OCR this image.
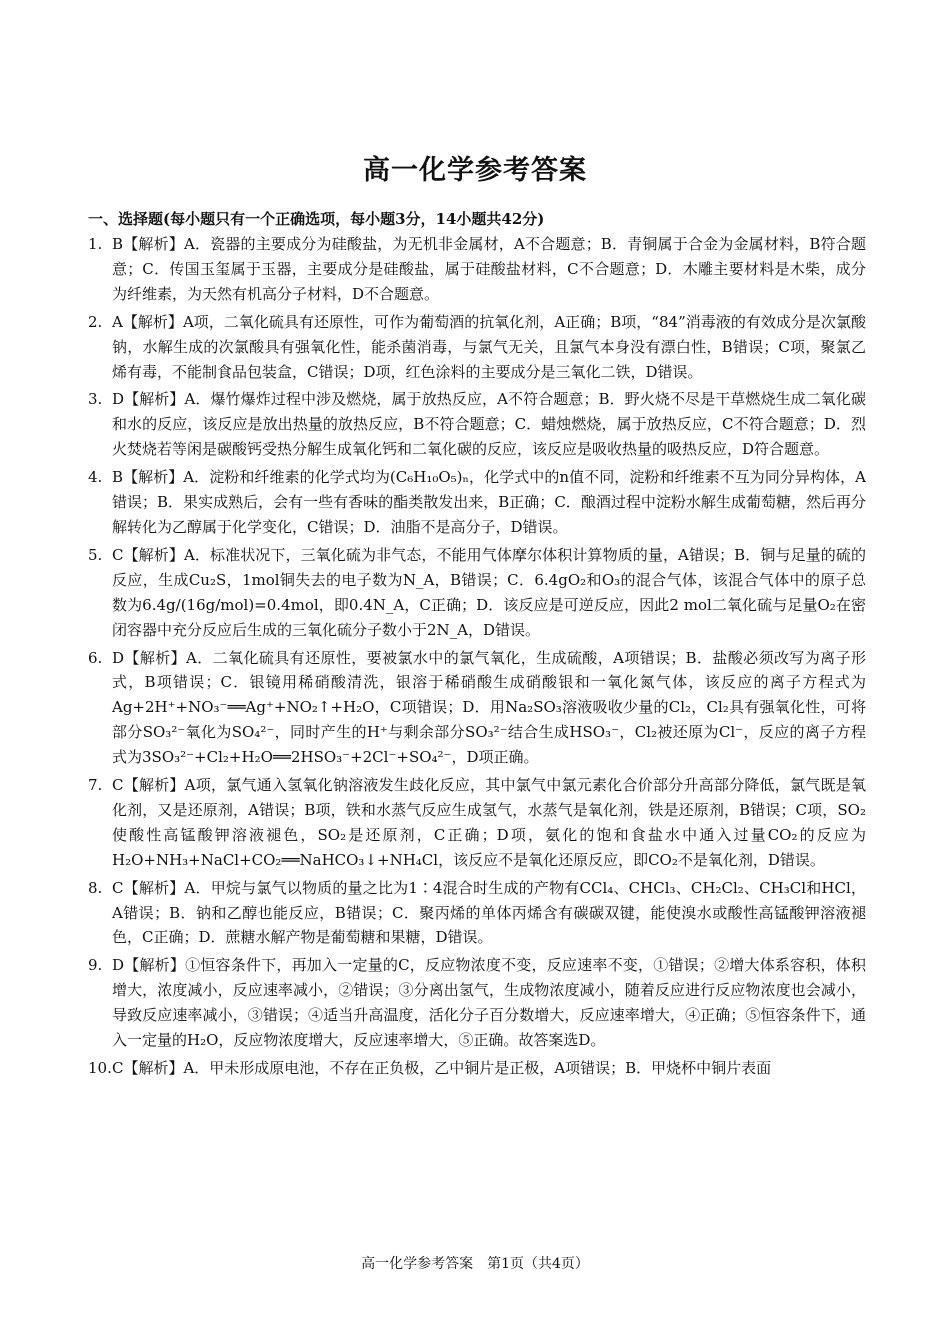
高一化学参考答案
一、选择题(每小题只有一个正确选项，每小题3分，14小题共42分)
1. B【解析】A．瓷器的主要成分为硅酸盐，为无机非金属材，A不合题意；B．青铜属于合金为金属材料，B符合题意；C．传国玉玺属于玉器，主要成分是硅酸盐，属于硅酸盐材料，C不合题意；D．木雕主要材料是木柴，成分为纤维素，为天然有机高分子材料，D不合题意。
2. A【解析】A项，二氧化硫具有还原性，可作为葡萄酒的抗氧化剂，A正确；B项，“84”消毒液的有效成分是次氯酸钠，水解生成的次氯酸具有强氧化性，能杀菌消毒，与氯气无关，且氯气本身没有漂白性，B错误；C项，聚氯乙烯有毒，不能制食品包装盒，C错误；D项，红色涂料的主要成分是三氧化二铁，D错误。
3. D【解析】A．爆竹爆炸过程中涉及燃烧，属于放热反应，A不符合题意；B．野火烧不尽是干草燃烧生成二氧化碳和水的反应，该反应是放出热量的放热反应，B不符合题意；C．蜡烛燃烧，属于放热反应，C不符合题意；D．烈火焚烧若等闲是碳酸钙受热分解生成氧化钙和二氧化碳的反应，该反应是吸收热量的吸热反应，D符合题意。
4. B【解析】A．淀粉和纤维素的化学式均为(C₆H₁₀O₅)ₙ，化学式中的n值不同，淀粉和纤维素不互为同分异构体，A错误；B．果实成熟后，会有一些有香味的酯类散发出来，B正确；C．酿酒过程中淀粉水解生成葡萄糖，然后再分解转化为乙醇属于化学变化，C错误；D．油脂不是高分子，D错误。
5. C【解析】A．标准状况下，三氧化硫为非气态，不能用气体摩尔体积计算物质的量，A错误；B．铜与足量的硫的反应，生成Cu₂S，1mol铜失去的电子数为N_A，B错误；C．6.4gO₂和O₃的混合气体，该混合气体中的原子总数为6.4g/(16g/mol)=0.4mol，即0.4N_A，C正确；D．该反应是可逆反应，因此2 mol二氧化硫与足量O₂在密闭容器中充分反应后生成的三氧化硫分子数小于2N_A，D错误。
6. D【解析】A．二氧化硫具有还原性，要被氯水中的氯气氧化，生成硫酸，A项错误；B．盐酸必须改写为离子形式，B项错误；C．银镜用稀硝酸清洗，银溶于稀硝酸生成硝酸银和一氧化氮气体，该反应的离子方程式为Ag+2H⁺+NO₃⁻══Ag⁺+NO₂↑+H₂O，C项错误；D．用Na₂SO₃溶液吸收少量的Cl₂，Cl₂具有强氧化性，可将部分SO₃²⁻氧化为SO₄²⁻，同时产生的H⁺与剩余部分SO₃²⁻结合生成HSO₃⁻，Cl₂被还原为Cl⁻，反应的离子方程式为3SO₃²⁻+Cl₂+H₂O══2HSO₃⁻+2Cl⁻+SO₄²⁻，D项正确。
7. C【解析】A项，氯气通入氢氧化钠溶液发生歧化反应，其中氯气中氯元素化合价部分升高部分降低，氯气既是氧化剂，又是还原剂，A错误；B项，铁和水蒸气反应生成氢气，水蒸气是氧化剂，铁是还原剂，B错误；C项，SO₂使酸性高锰酸钾溶液褪色，SO₂是还原剂，C正确；D项，氨化的饱和食盐水中通入过量CO₂的反应为H₂O+NH₃+NaCl+CO₂══NaHCO₃↓+NH₄Cl，该反应不是氧化还原反应，即CO₂不是氧化剂，D错误。
8. C【解析】A．甲烷与氯气以物质的量之比为1∶4混合时生成的产物有CCl₄、CHCl₃、CH₂Cl₂、CH₃Cl和HCl，A错误；B．钠和乙醇也能反应，B错误；C．聚丙烯的单体丙烯含有碳碳双键，能使溴水或酸性高锰酸钾溶液褪色，C正确；D．蔗糖水解产物是葡萄糖和果糖，D错误。
9. D【解析】①恒容条件下，再加入一定量的C，反应物浓度不变，反应速率不变，①错误；②增大体系容积，体积增大，浓度减小，反应速率减小，②错误；③分离出氢气，生成物浓度减小，随着反应进行反应物浓度也会减小，导致反应速率减小，③错误；④适当升高温度，活化分子百分数增大，反应速率增大，④正确；⑤恒容条件下，通入一定量的H₂O，反应物浓度增大，反应速率增大，⑤正确。故答案选D。
10. C【解析】A．甲未形成原电池，不存在正负极，乙中铜片是正极，A项错误；B．甲烧杯中铜片表面
高一化学参考答案　第1页（共4页）
